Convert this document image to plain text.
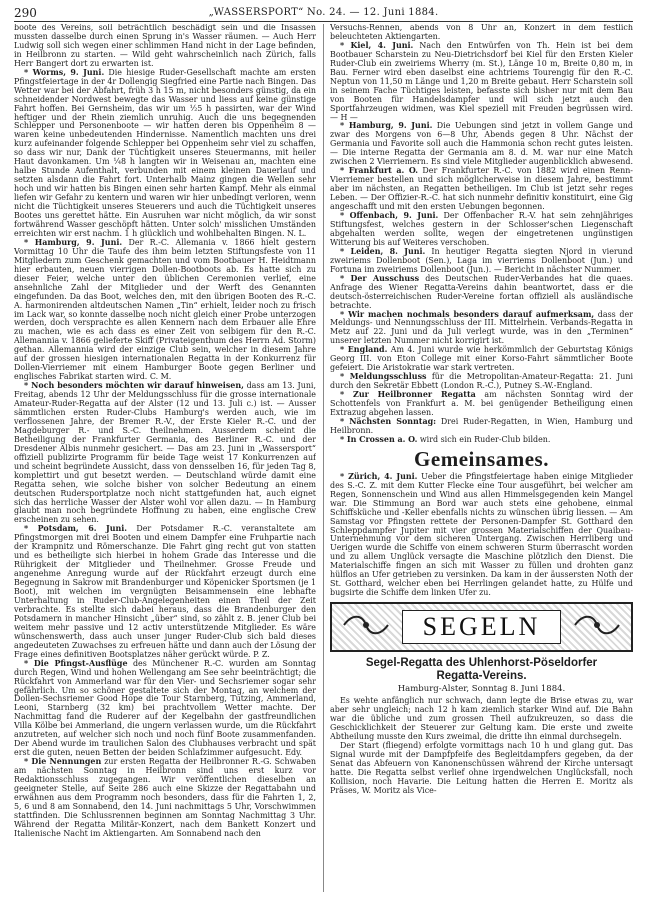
290	„WASSERSPORT“ No. 24. — 12. Juni 1884.

boote des Vereins, soll beträchtlich beschädigt sein und die Insassen mussten dasselbe durch einen Sprung in's Wasser räumen. — Auch Herr Ludwig soll sich wegen einer schlimmen Hand nicht in der Lage befinden, in Heilbronn zu starten. — Wild geht wahrscheinlich nach Zürich, falls Herr Bangert dort zu erwarten ist.

* Worms, 9. Juni. Die hiesige Ruder-Gesellschaft machte am ersten Pfingstfeiertage in der 4r Dollengig Siegfried eine Partie nach Bingen. Das Wetter war bei der Abfahrt, früh 3 h 15 m, nicht besonders günstig, da ein schneidender Nordwest bewegte das Wasser und liess auf keine günstige Fahrt hoffen. Bei Gernsheim, das wir um ½5 h passirten, war der Wind heftiger und der Rhein ziemlich unruhig. Auch die uns begegnenden Schlepper und Personenboote — wir hatten deren bis Oppenheim 8 — waren keine unbedeutenden Hindernisse. Namentlich machten uns drei kurz aufeinander folgende Schlepper bei Oppenheim sehr viel zu schaffen, so dass wir nur, Dank der Tüchtigkeit unseres Steuermanns, mit heiler Haut davonkamen. Um ¼8 h langten wir in Weisenau an, machten eine halbe Stunde Aufenthalt, verbunden mit einem kleinen Dauerlauf und setzten alsdann die Fahrt fort. Unterhalb Mainz gingen die Wellen sehr hoch und wir hatten bis Bingen einen sehr harten Kampf. Mehr als einmal liefen wir Gefahr zu kentern und waren wir hier unbedingt verloren, wenn nicht die Tüchtigkeit unseres Steuerers und auch die Tüchtigkeit unseres Bootes uns gerettet hätte. Ein Ausruhen war nicht möglich, da wir sonst fortwährend Wasser geschöpft hätten. Unter solch' misslichen Umständen erreichten wir erst nachm. 1 h glücklich und wohlbehalten Bingen. N. L.

* Hamburg, 9. Juni. Der R.-C. Allemania v. 1866 hielt gestern Vormittag 10 Uhr die Taufe des ihm beim letzten Stiftungsfeste von 11 Mitgliedern zum Geschenk gemachten und vom Bootbauer H. Heidtmann hier erbauten, neuen vierrigen Dollen-Bootboots ab. Es hatte sich zu dieser Feier, welche unter den üblichen Ceremonien verlief, eine ansehnliche Zahl der Mitglieder und der Werft des Genannten eingefunden. Da das Boot, welches den, mit den übrigen Booten des R.-C. A. harmonirenden altdeutschen Namen „Tin“ erhielt, leider noch zu frisch im Lack war, so konnte dasselbe noch nicht gleich einer Probe unterzogen werden, doch versprachte es allen Kennern nach dem Erbauer alle Ehre zu machen, wie es ach dass es einer Zeit von selbigem für den R.-C. Allemannia v. 1866 gelieferte Skiff (Privateigenthum des Herrn Ad. Storm) gethan. Allemannia wird der einzige Club sein, welcher in diesem Jahre auf der grossen hiesigen internationalen Regatta in der Konkurrenz für Dollen-Vierriemer mit einem Hamburger Boote gegen Berliner und englisches Fabrikat starten wird. C. M.

* Noch besonders möchten wir darauf hinweisen, dass am 13. Juni, Freitag, abends 12 Uhr der Meldungsschluss für die grosse internationale Amateur-Ruder-Regatta auf der Alster (12 und 13. Juli c.) ist. — Ausser sämmtlichen ersten Ruder-Clubs Hamburg's werden auch, wie im verflossenen Jahre, der Bremer R.-V., der Erste Kieler R.-C. und der Magdeburger R.- und S.-C. theilnehmen. Ausserdem scheint die Betheiligung der Frankfurter Germania, des Berliner R.-C. und der Dresdener Albis nunmehr gesichert. — Das am 23. Juni in „Wassersport“ offiziell publizirte Programm für beide Tage weist 17 Konkurrenzen auf und scheint begründete Aussicht, dass von densselben 16, für jeden Tag 8, komplettirt und gut besetzt werden. — Deutschland würde damit eine Regatta sehen, wie solche bisher von solcher Bedeutung an einem deutschen Rudersportplatze noch nicht stattgefunden hat, auch eignet sich das herrliche Wasser der Alster wohl vor allen dazu. — In Hamburg glaubt man noch begründete Hoffnung zu haben, eine englische Crew erscheinen zu sehen.

* Potsdam, 6. Juni. Der Potsdamer R.-C. veranstaltete am Pfingstmorgen mit drei Booten und einem Dampfer eine Fruhpartie nach der Krampnitz und Römerschanze. Die Fahrt ging recht gut von statten und es betheiligte sich hierbei in hohem Grade das Interesse und die Rührigkeit der Mitglieder und Theilnehmer. Grosse Freude und angenehme Anregung wurde auf der Rückfahrt erzeugt durch eine Begegnung in Sakrow mit Brandenburger und Köpenicker Sportsmen (je 1 Boot), mit welchen im vergnügten Beisammensein eine lebhafte Unterhaltung in Ruder-Club-Angelegenheiten einen Theil der Zeit verbrachte. Es stellte sich dabei heraus, dass die Brandenburger den Potsdamern in mancher Hinsicht „über“ sind, so zählt z. B. jener Club bei weitem mehr passive und 12 activ unterstützende Mitglieder. Es wäre wünschenswerth, dass auch unser junger Ruder-Club sich bald dieses angedeuteten Zuwachses zu erfreuen hätte und dann auch der Lösung der Frage eines definitiven Bootsplatzes näher gerückt würde. P. Z.

* Die Pfingst-Ausflüge des Münchener R.-C. wurden am Sonntag durch Regen, Wind und hohen Wellengang am See sehr beeinträchtigt; die Rückfahrt von Ammerland war für den Vier- und Sechsriemer sogar sehr gefährlich. Um so schöner gestaltete sich der Montag, an welchem der Dollen-Sechsriemer Good Hope die Tour Starnberg, Tutzing, Ammerland, Leoni, Starnberg (32 km) bei prachtvollem Wetter machte. Der Nachmittag fand die Ruderer auf der Kegelbahn der gastfreundlichen Villa Kölbe bei Ammerland, die ungern verlassen wurde, um die Rückfahrt anzutreten, auf welcher sich noch und noch fünf Boote zusammenfanden. Der Abend wurde im traulichen Salon des Clubhauses verbracht und spät erst die guten, neuen Betten der beiden Schlafzimmer aufgesucht. Edy.

* Die Nennungen zur ersten Regatta der Heilbronner R.-G. Schwaben am nächsten Sonntag in Heilbronn sind uns erst kurz vor Redaktionsschluss zugegangen. Wir veröffentlichen dieselben an geeigneter Stelle, auf Seite 286 auch eine Skizze der Regattabahn und erwähnen aus dem Programm noch besonders, dass für die Fahrten 1, 2, 5, 6 und 8 am Sonnabend, den 14. Juni nachmittags 5 Uhr, Vorschwimmen stattfinden. Die Schlussrennen beginnen am Sonntag Nachmittag 3 Uhr. Während der Regatta Militär-Konzert, nach dem Bankett Konzert und Italienische Nacht im Aktiengarten. Am Sonnabend nach den

Versuchs-Rennen, abends von 8 Uhr an, Konzert in dem festlich beleuchteten Aktiengarten.

* Kiel, 4. Juni. Nach den Entwürfen von Th. Hein ist bei dem Bootbauer Scharstein zu Neu-Dietrichsdorf bei Kiel für den Ersten Kieler Ruder-Club ein zweiriems Wherry (m. St.), Länge 10 m, Breite 0,80 m, in Bau. Ferner wird eben daselbst eine achtriems Tourengig für den R.-C. Neptun von 11,50 m Länge und 1,20 m Breite gebaut. Herr Scharstein soll in seinem Fache Tüchtiges leisten, befasste sich bisher nur mit dem Bau von Booten für Handelsdampfer und will sich jetzt auch den Sportfahrzeugen widmen, was Kiel speziell mit Freuden begrüssen wird. — H —

* Hamburg, 9. Juni. Die Uebungen sind jetzt in vollem Gange und zwar des Morgens von 6—8 Uhr, Abends gegen 8 Uhr. Nächst der Germania und Favorite soll auch die Hammonia schon recht gutes leisten. — Die interne Regatta der Germania am 8. d. M. war nur eine Match zwischen 2 Vierriemern. Es sind viele Mitglieder augenblicklich abwesend.

* Frankfurt a. O. Der Frankfurter R.-C. von 1882 wird einen Renn-Vierriemer bestellen und sich möglicherweise in diesem Jahre, bestimmt aber im nächsten, an Regatten betheiligen. Im Club ist jetzt sehr reges Leben. — Der Offizier-R.-C. hat sich nunmehr definitiv konstituirt, eine Gig angeschafft und mit den ersten Uebungen begonnen.

* Offenbach, 9. Juni. Der Offenbacher R.-V. hat sein zehnjähriges Stiftungsfest, welches gestern in der Schlosser'schen Liegenschaft abgehalten werden sollte, wegen der eingetretenen ungünstigen Witterung bis auf Weiteres verschoben.

* Leiden, 8. Juni. In heutiger Regatta siegten Njord in vierund zweiriems Dollenboot (Sen.), Laga im vierriems Dollenboot (Jun.) und Fortuna im zweiriems Dollenboot (Jun.). — Bericht in nächster Nummer.

* Der Ausschuss des Deutschen Ruder-Verbandes hat die quaes. Anfrage des Wiener Regatta-Vereins dahin beantwortet, dass er die deutsch-österreichischen Ruder-Vereine fortan offiziell als ausländische betrachte.

* Wir machen nochmals besonders darauf aufmerksam, dass der Meldungs- und Nennungsschluss der III. Mittelrhein. Verbands-Regatta in Metz auf 22. Juni und da Juli verlegt wurde, was in den „Terminen“ unserer letzten Nummer nicht korrigirt ist.

* England. Am 4. Juni wurde wie herkömmlich der Geburtstag Königs Georg III. von Eton College mit einer Korso-Fahrt sämmtlicher Boote gefeiert. Die Aristokratie war stark vertreten.

* Meldungsschluss für die Metropolitan-Amateur-Regatta: 21. Juni durch den Sekretär Ebbett (London R.-C.), Putney S.-W.-England.

* Zur Heilbronner Regatta am nächsten Sonntag wird der Schottenfels von Frankfurt a. M. bei genügender Betheiligung einen Extrazug abgehen lassen.

* Nächsten Sonntag: Drei Ruder-Regatten, in Wien, Hamburg und Heilbronn.

* In Crossen a. O. wird sich ein Ruder-Club bilden.

Gemeinsames.

* Zürich, 4. Juni. Ueber die Pfingstfeiertage haben einige Mitglieder des S.-C. Z. mit dem Kutter Flecke eine Tour ausgeführt, bei welcher am Regen, Sonnenschein und Wind aus allen Himmelsgegenden kein Mangel war. Die Stimmung an Bord war auch stets eine gehobene, einmal Schiffsküche und -Keller ebenfalls nichts zu wünschen übrig liessen. — Am Samstag vor Pfingsten rettete der Personen-Dampfer St. Gotthard den Schleppdampfer Jupiter mit vier grossen Materialschiffen der Quaibau-Unternehmung vor dem sicheren Untergang. Zwischen Herrliberg und Uerigen wurde die Schiffe von einem schweren Sturm überrascht worden und zu allem Unglück versagte die Maschine plötzlich den Dienst. Die Materialschiffe fingen an sich mit Wasser zu füllen und drohten ganz hülflos an Ufer getrieben zu versinken. Da kam in der äussersten Noth der St. Gotthard, welcher eben bei Herrlingen gelandet hatte, zu Hülfe und bugsirte die Schiffe dem linken Ufer zu.

SEGELN
Segel-Regatta des Uhlenhorst-Pöseldorfer
Regatta-Vereins.
Hamburg-Alster, Sonntag 8. Juni 1884.

Es wehte anfänglich nur schwach, dann legte die Brise etwas zu, war aber sehr ungleich; nach 12 h kam ziemlich starker Wind auf. Die Bahn war die übliche und zum grossen Theil aufzukreuzen, so dass die Geschicklichkeit der Steuerer zur Geltung kam. Die erste und zweite Abtheilung musste den Kurs zweimal, die dritte ihn einmal durchsegeln.

Der Start (fliegend) erfolgte vormittags nach 10 h und glang gut. Das Signal wurde mit der Dampfpfeife des Begleitdampfers gegeben, da der Senat das Abfeuern von Kanonenschüssen während der Kirche untersagt hatte. Die Regatta selbst verlief ohne irgendwelchen Unglücksfall, noch Kollision, noch Havarie. Die Leitung hatten die Herren E. Moritz als Präses, W. Moritz als Vice-
